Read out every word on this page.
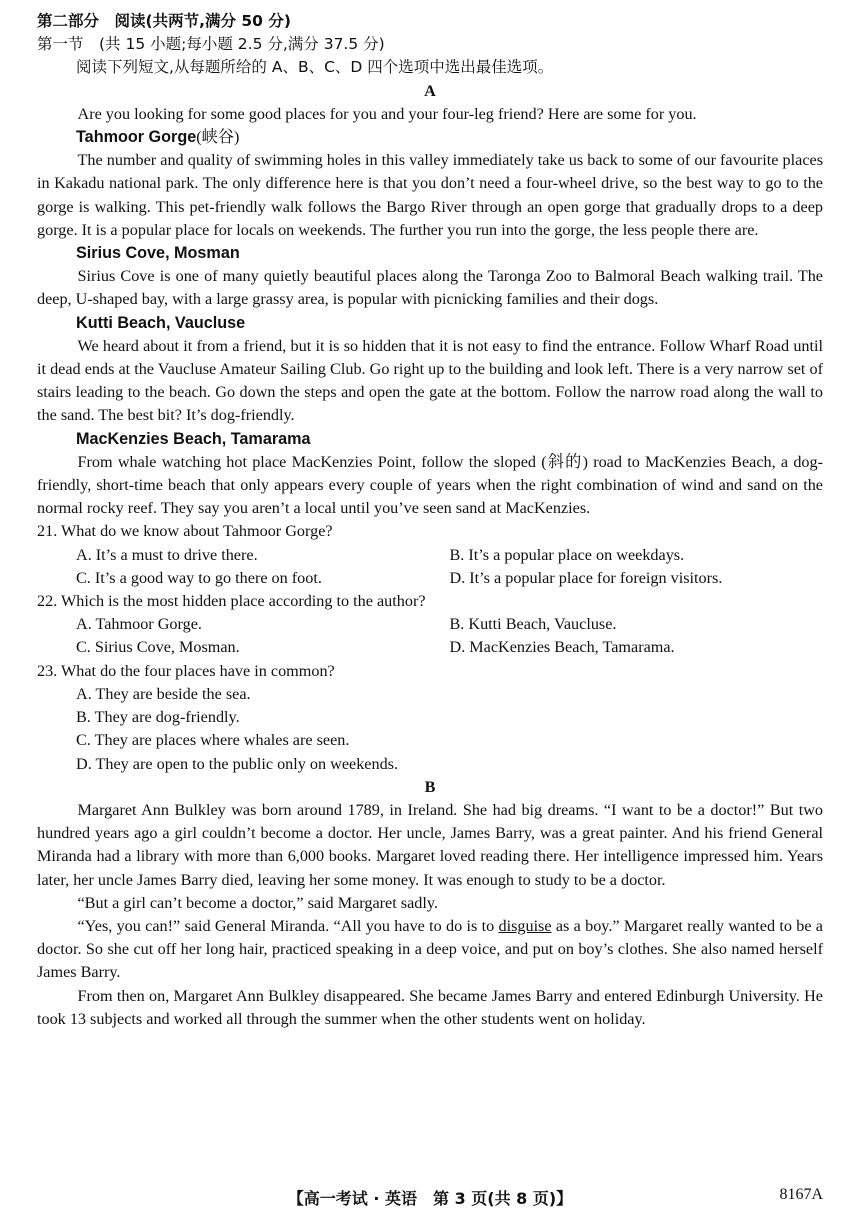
第二部分　阅读(共两节,满分 50 分)
第一节　(共 15 小题;每小题 2.5 分,满分 37.5 分)
阅读下列短文,从每题所给的 A、B、C、D 四个选项中选出最佳选项。
A

Are you looking for some good places for you and your four-leg friend? Here are some for you.

Tahmoor Gorge(峡谷)

The number and quality of swimming holes in this valley immediately take us back to some of our favourite places in Kakadu national park. The only difference here is that you don’t need a four-wheel drive, so the best way to go to the gorge is walking. This pet-friendly walk follows the Bargo River through an open gorge that gradually drops to a deep gorge. It is a popular place for locals on weekends. The further you run into the gorge, the less people there are.

Sirius Cove, Mosman

Sirius Cove is one of many quietly beautiful places along the Taronga Zoo to Balmoral Beach walking trail. The deep, U-shaped bay, with a large grassy area, is popular with picnicking families and their dogs.

Kutti Beach, Vaucluse

We heard about it from a friend, but it is so hidden that it is not easy to find the entrance. Follow Wharf Road until it dead ends at the Vaucluse Amateur Sailing Club. Go right up to the building and look left. There is a very narrow set of stairs leading to the beach. Go down the steps and open the gate at the bottom. Follow the narrow road along the wall to the sand. The best bit? It’s dog-friendly.

MacKenzies Beach, Tamarama

From whale watching hot place MacKenzies Point, follow the sloped (斜的) road to MacKenzies Beach, a dog-friendly, short-time beach that only appears every couple of years when the right combination of wind and sand on the normal rocky reef. They say you aren’t a local until you’ve seen sand at MacKenzies.

21. What do we know about Tahmoor Gorge?
A. It’s a must to drive there.	B. It’s a popular place on weekdays.
C. It’s a good way to go there on foot.	D. It’s a popular place for foreign visitors.
22. Which is the most hidden place according to the author?
A. Tahmoor Gorge.	B. Kutti Beach, Vaucluse.
C. Sirius Cove, Mosman.	D. MacKenzies Beach, Tamarama.
23. What do the four places have in common?
A. They are beside the sea.
B. They are dog-friendly.
C. They are places where whales are seen.
D. They are open to the public only on weekends.
B

Margaret Ann Bulkley was born around 1789, in Ireland. She had big dreams. “I want to be a doctor!” But two hundred years ago a girl couldn’t become a doctor. Her uncle, James Barry, was a great painter. And his friend General Miranda had a library with more than 6,000 books. Margaret loved reading there. Her intelligence impressed him. Years later, her uncle James Barry died, leaving her some money. It was enough to study to be a doctor.

“But a girl can’t become a doctor,” said Margaret sadly.

“Yes, you can!” said General Miranda. “All you have to do is to disguise as a boy.” Margaret really wanted to be a doctor. So she cut off her long hair, practiced speaking in a deep voice, and put on boy’s clothes. She also named herself James Barry.

From then on, Margaret Ann Bulkley disappeared. She became James Barry and entered Edinburgh University. He took 13 subjects and worked all through the summer when the other students went on holiday.

【高一考试 · 英语　第 3 页(共 8 页)】	8167A
